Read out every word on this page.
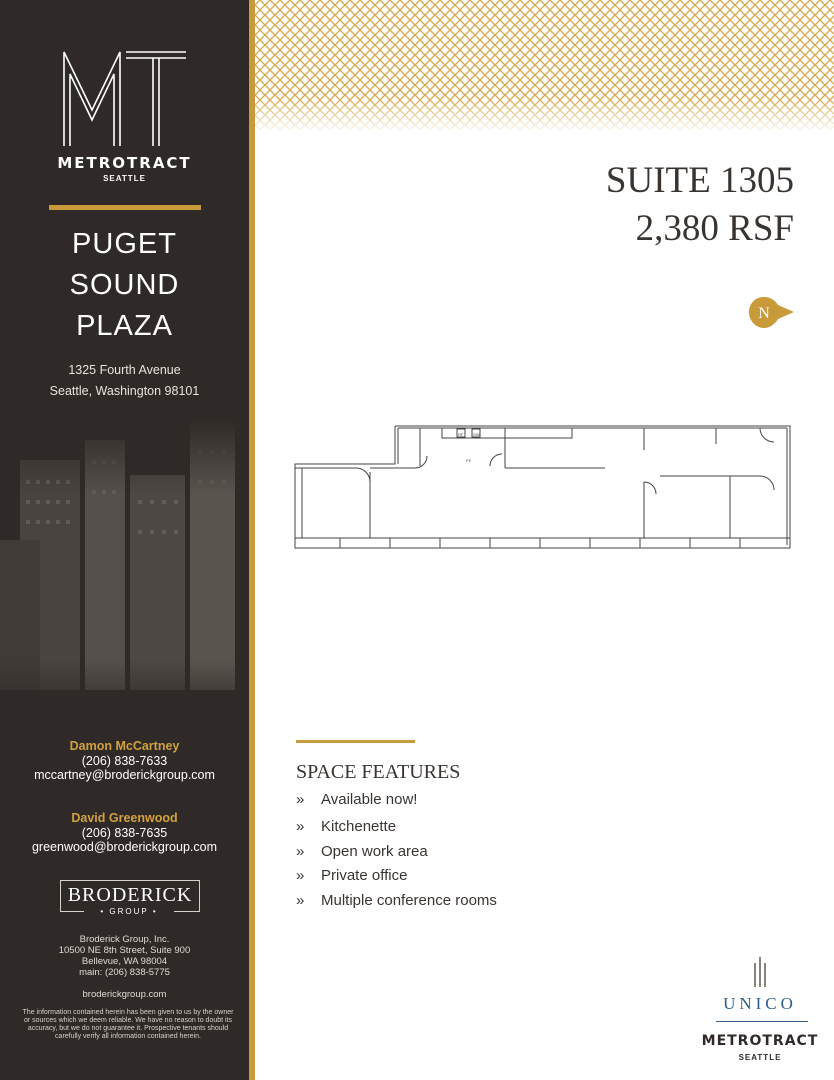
METROTRACT
SEATTLE
PUGET
SOUND
PLAZA
1325 Fourth Avenue
Seattle, Washington 98101
Damon McCartney
(206) 838-7633
mccartney@broderickgroup.com
David Greenwood
(206) 838-7635
greenwood@broderickgroup.com
BRODERICK
• GROUP •
Broderick Group, Inc.
10500 NE 8th Street, Suite 900
Bellevue, WA 98004
main: (206) 838-5775
broderickgroup.com
The information contained herein has been given to us by the owner or sources which we deem reliable. We have no reason to doubt its accuracy, but we do not guarantee it. Prospective tenants should carefully verify all information contained herein.
SUITE 1305
2,380 RSF
N
RF DW
FE
SPACE FEATURES
» Available now!
» Kitchenette
» Open work area
» Private office
» Multiple conference rooms
UNICO
METROTRACT
SEATTLE
